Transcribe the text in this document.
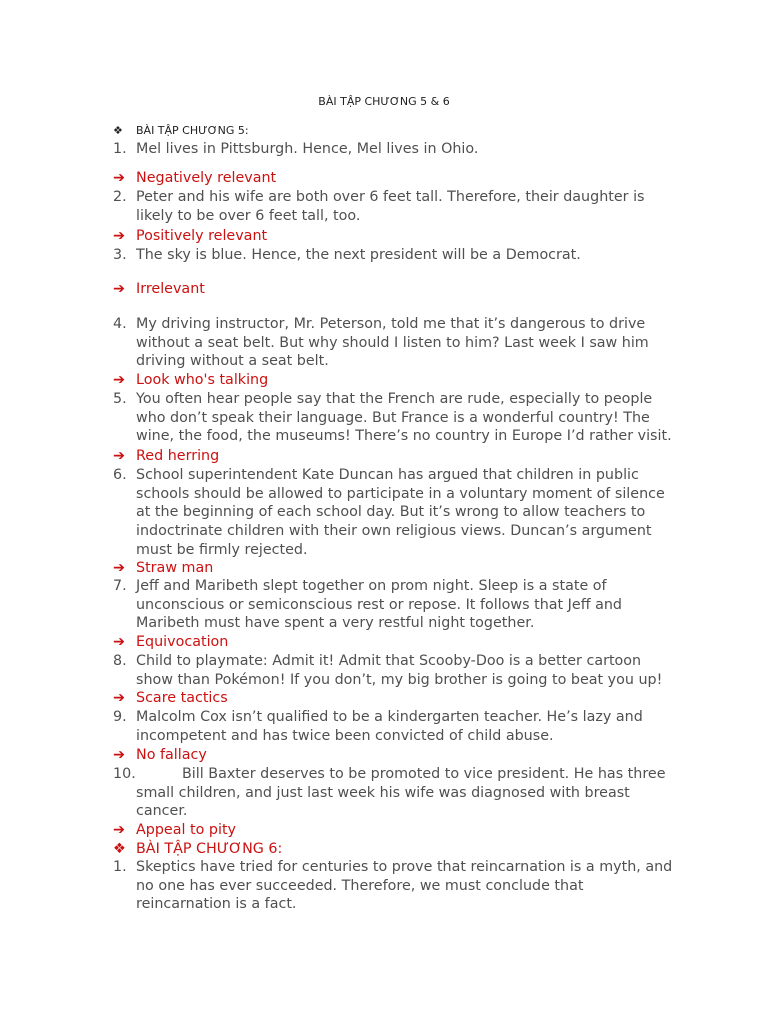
BÀI TẬP CHƯƠNG 5 & 6
❖ BÀI TẬP CHƯƠNG 5:
1. Mel lives in Pittsburgh. Hence, Mel lives in Ohio.
➔ Negatively relevant
2. Peter and his wife are both over 6 feet tall. Therefore, their daughter is likely to be over 6 feet tall, too.
➔ Positively relevant
3. The sky is blue. Hence, the next president will be a Democrat.
➔ Irrelevant
4. My driving instructor, Mr. Peterson, told me that it’s dangerous to drive without a seat belt. But why should I listen to him? Last week I saw him driving without a seat belt.
➔ Look who's talking
5. You often hear people say that the French are rude, especially to people who don’t speak their language. But France is a wonderful country! The wine, the food, the museums! There’s no country in Europe I’d rather visit.
➔ Red herring
6. School superintendent Kate Duncan has argued that children in public schools should be allowed to participate in a voluntary moment of silence at the beginning of each school day. But it’s wrong to allow teachers to indoctrinate children with their own religious views. Duncan’s argument must be firmly rejected.
➔ Straw man
7. Jeff and Maribeth slept together on prom night. Sleep is a state of unconscious or semiconscious rest or repose. It follows that Jeff and Maribeth must have spent a very restful night together.
➔ Equivocation
8. Child to playmate: Admit it! Admit that Scooby-Doo is a better cartoon show than Pokémon! If you don’t, my big brother is going to beat you up!
➔ Scare tactics
9. Malcolm Cox isn’t qualified to be a kindergarten teacher. He’s lazy and incompetent and has twice been convicted of child abuse.
➔ No fallacy
10.	Bill Baxter deserves to be promoted to vice president. He has three small children, and just last week his wife was diagnosed with breast cancer.
➔ Appeal to pity
❖ BÀI TẬP CHƯƠNG 6:
1. Skeptics have tried for centuries to prove that reincarnation is a myth, and no one has ever succeeded. Therefore, we must conclude that reincarnation is a fact.
